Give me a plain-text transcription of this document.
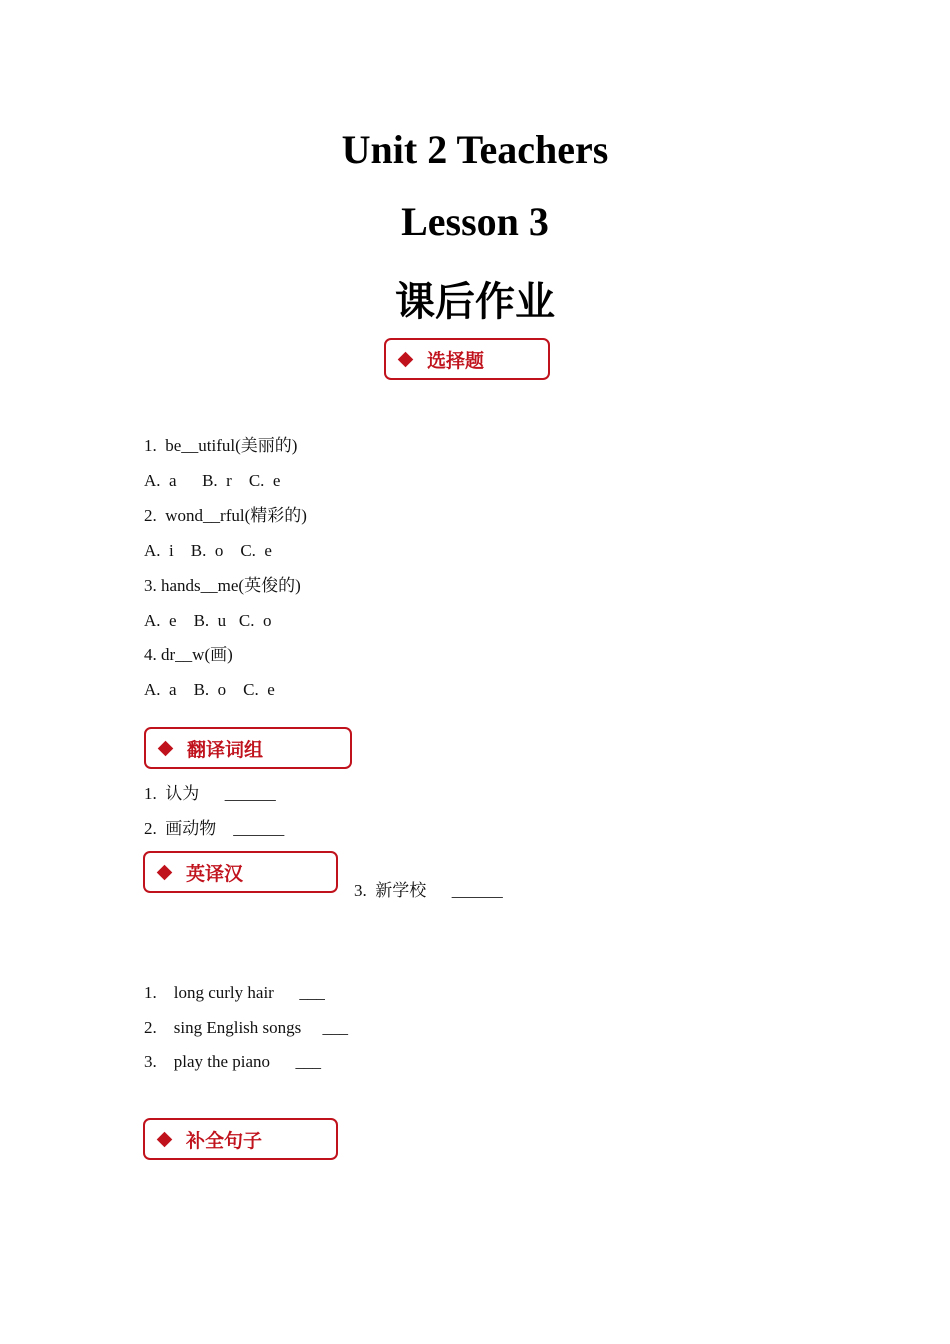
Unit 2 Teachers
Lesson 3
课后作业
选择题
1.  be__utiful(美丽的)
A.  a      B.  r    C.  e
2.  wond__rful(精彩的)
A.  i    B.  o    C.  e
3. hands__me(英俊的)
A.  e    B.  u   C.  o
4. dr__w(画)
A.  a    B.  o    C.  e
翻译词组
1.  认为      ______
2.  画动物    ______
英译汉
3.  新学校      ______
1.    long curly hair      ___
2.    sing English songs     ___
3.    play the piano      ___
补全句子
